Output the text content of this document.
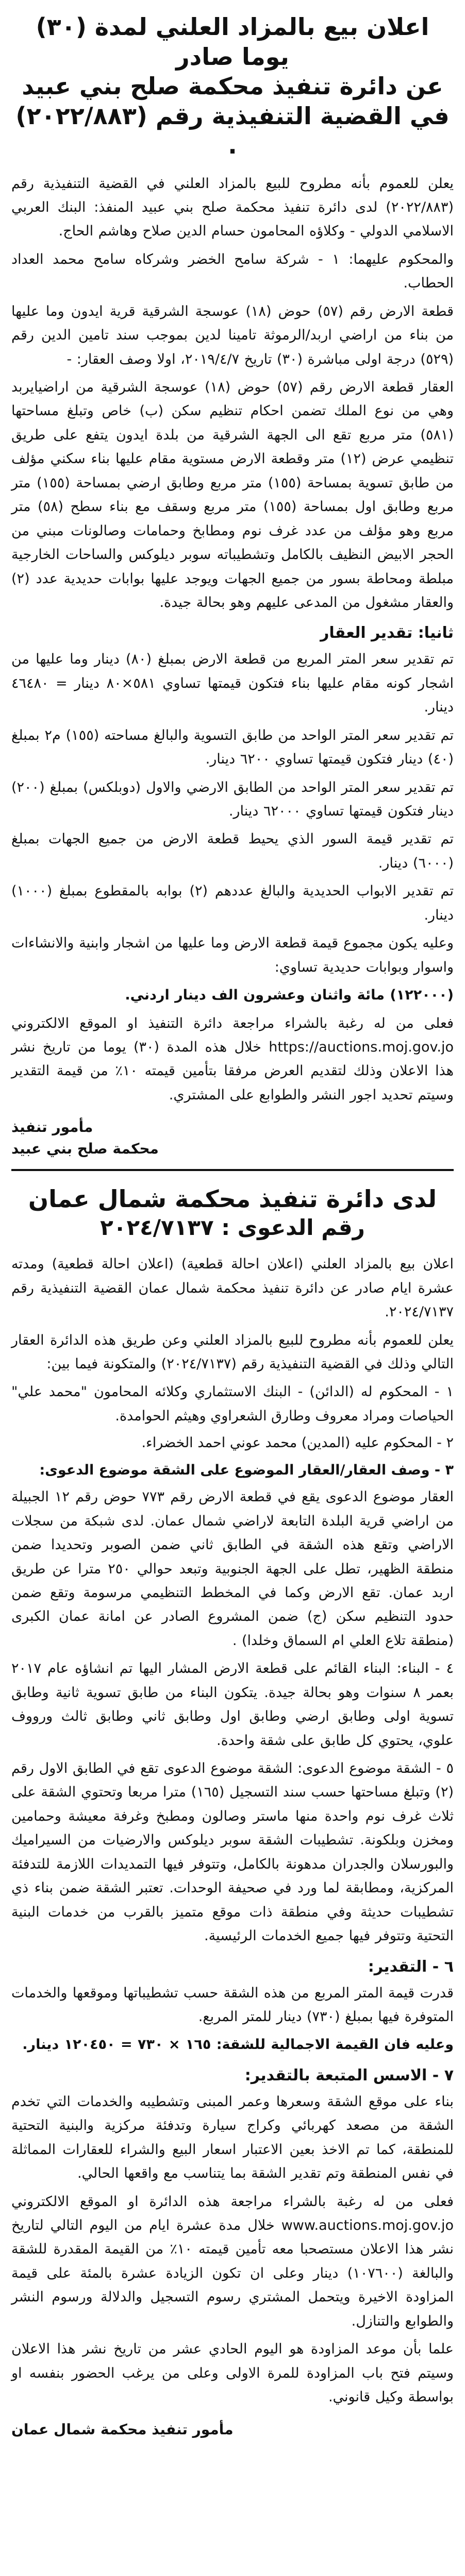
اعلان بيع بالمزاد العلني لمدة (٣٠) يوما صادر
عن دائرة تنفيذ محكمة صلح بني عبيد
في القضية التنفيذية رقم (٢٠٢٢/٨٨٣) .

يعلن للعموم بأنه مطروح للبيع بالمزاد العلني في القضية التنفيذية رقم (٢٠٢٢/٨٨٣) لدى دائرة تنفيذ محكمة صلح بني عبيد المنفذ: البنك العربي الاسلامي الدولي - وكلاؤه المحامون حسام الدين صلاح وهاشم الحاج.

والمحكوم عليهما: ١ - شركة سامح الخضر وشركاه سامح محمد العداد الحطاب.

قطعة الارض رقم (٥٧) حوض (١٨) عوسجة الشرقية قرية ايدون وما عليها من بناء من اراضي اربد/الرموثة تامينا لدين بموجب سند تامين الدين رقم (٥٢٩) درجة اولى مباشرة (٣٠) تاريخ ٢٠١٩/٤/٧، اولا وصف العقار: -

العقار قطعة الارض رقم (٥٧) حوض (١٨) عوسجة الشرقية من اراضيايربد وهي من نوع الملك تضمن احكام تنظيم سكن (ب) خاص وتبلغ مساحتها (٥٨١) متر مربع تقع الى الجهة الشرقية من بلدة ايدون يتفع على طريق تنظيمي عرض (١٢) متر وقطعة الارض مستوية مقام عليها بناء سكني مؤلف من طابق تسوية بمساحة (١٥٥) متر مربع وطابق ارضي بمساحة (١٥٥) متر مربع وطابق اول بمساحة (١٥٥) متر مربع وسقف مع بناء سطح (٥٨) متر مربع وهو مؤلف من عدد غرف نوم ومطابخ وحمامات وصالونات مبني من الحجر الابيض النظيف بالكامل وتشطيباته سوبر ديلوكس والساحات الخارجية مبلطة ومحاطة بسور من جميع الجهات ويوجد عليها بوابات حديدية عدد (٢) والعقار مشغول من المدعى عليهم وهو بحالة جيدة.

ثانيا: تقدير العقار

تم تقدير سعر المتر المربع من قطعة الارض بمبلغ (٨٠) دينار وما عليها من اشجار كونه مقام عليها بناء فتكون قيمتها تساوي ٥٨١×٨٠ دينار = ٤٦٤٨٠ دينار.

تم تقدير سعر المتر الواحد من طابق التسوية والبالغ مساحته (١٥٥) م٢ بمبلغ (٤٠) دينار فتكون قيمتها تساوي ٦٢٠٠ دينار.

تم تقدير سعر المتر الواحد من الطابق الارضي والاول (دوبلكس) بمبلغ (٢٠٠) دينار فتكون قيمتها تساوي ٦٢٠٠٠ دينار.

تم تقدير قيمة السور الذي يحيط قطعة الارض من جميع الجهات بمبلغ (٦٠٠٠) دينار.

تم تقدير الابواب الحديدية والبالغ عددهم (٢) بوابه بالمقطوع بمبلغ (١٠٠٠) دينار.

وعليه يكون مجموع قيمة قطعة الارض وما عليها من اشجار وابنية والانشاءات واسوار وبوابات حديدية تساوي:

(١٢٢٠٠٠) مائة واثنان وعشرون الف دينار اردني.

فعلى من له رغبة بالشراء مراجعة دائرة التنفيذ او الموقع الالكتروني https://auctions.moj.gov.jo خلال هذه المدة (٣٠) يوما من تاريخ نشر هذا الاعلان وذلك لتقديم العرض مرفقا بتأمين قيمته ١٠٪ من قيمة التقدير وسيتم تحديد اجور النشر والطوابع على المشتري.

مأمور تنفيذ
محكمة صلح بني عبيد
لدى دائرة تنفيذ محكمة شمال عمان

رقم الدعوى : ٢٠٢٤/٧١٣٧

اعلان بيع بالمزاد العلني (اعلان احالة قطعية) (اعلان احالة قطعية) ومدته عشرة ايام صادر عن دائرة تنفيذ محكمة شمال عمان القضية التنفيذية رقم ٢٠٢٤/٧١٣٧.

يعلن للعموم بأنه مطروح للبيع بالمزاد العلني وعن طريق هذه الدائرة العقار التالي وذلك في القضية التنفيذية رقم (٢٠٢٤/٧١٣٧) والمتكونة فيما بين:

١ - المحكوم له (الدائن) - البنك الاستثماري وكلائه المحامون "محمد علي" الحياصات ومراد معروف وطارق الشعراوي وهيثم الحوامدة.

٢ - المحكوم عليه (المدين) محمد عوني احمد الخضراء.

٣ - وصف العقار/العقار الموضوع على الشقة موضوع الدعوى:

العقار موضوع الدعوى يقع في قطعة الارض رقم ٧٧٣ حوض رقم ١٢ الجبيلة من اراضي قرية البلدة التابعة لاراضي شمال عمان. لدى شبكة من سجلات الاراضي وتقع هذه الشقة في الطابق ثاني ضمن الصوبر وتحديدا ضمن منطقة الظهير، تطل على الجهة الجنوبية وتبعد حوالي ٢٥٠ مترا عن طريق اربد عمان. تقع الارض وكما في المخطط التنظيمي مرسومة وتقع ضمن حدود التنظيم سكن (ج) ضمن المشروع الصادر عن امانة عمان الكبرى (منطقة تلاع العلي ام السماق وخلدا) .

٤ - البناء: البناء القائم على قطعة الارض المشار اليها تم انشاؤه عام ٢٠١٧ بعمر ٨ سنوات وهو بحالة جيدة. يتكون البناء من طابق تسوية ثانية وطابق تسوية اولى وطابق ارضي وطابق اول وطابق ثاني وطابق ثالث ورووف علوي، يحتوي كل طابق على شقة واحدة.

٥ - الشقة موضوع الدعوى: الشقة موضوع الدعوى تقع في الطابق الاول رقم (٢) وتبلغ مساحتها حسب سند التسجيل (١٦٥) مترا مربعا وتحتوي الشقة على ثلاث غرف نوم واحدة منها ماستر وصالون ومطبخ وغرفة معيشة وحمامين ومخزن وبلكونة. تشطيبات الشقة سوبر ديلوكس والارضيات من السيراميك والبورسلان والجدران مدهونة بالكامل، وتتوفر فيها التمديدات اللازمة للتدفئة المركزية، ومطابقة لما ورد في صحيفة الوحدات. تعتبر الشقة ضمن بناء ذي تشطيبات حديثة وفي منطقة ذات موقع متميز بالقرب من خدمات البنية التحتية وتتوفر فيها جميع الخدمات الرئيسية.

٦ - التقدير:

قدرت قيمة المتر المربع من هذه الشقة حسب تشطيباتها وموقعها والخدمات المتوفرة فيها بمبلغ (٧٣٠) دينار للمتر المربع.

وعليه فان القيمة الاجمالية للشقة: ١٦٥ × ٧٣٠ = ١٢٠٤٥٠ دينار.

٧ - الاسس المتبعة بالتقدير:

بناء على موقع الشقة وسعرها وعمر المبنى وتشطيبه والخدمات التي تخدم الشقة من مصعد كهربائي وكراج سيارة وتدفئة مركزية والبنية التحتية للمنطقة، كما تم الاخذ بعين الاعتبار اسعار البيع والشراء للعقارات المماثلة في نفس المنطقة وتم تقدير الشقة بما يتناسب مع واقعها الحالي.

فعلى من له رغبة بالشراء مراجعة هذه الدائرة او الموقع الالكتروني www.auctions.moj.gov.jo خلال مدة عشرة ايام من اليوم التالي لتاريخ نشر هذا الاعلان مستصحبا معه تأمين قيمته ١٠٪ من القيمة المقدرة للشقة والبالغة (١٠٧٦٠٠) دينار وعلى ان تكون الزيادة عشرة بالمئة على قيمة المزاودة الاخيرة ويتحمل المشتري رسوم التسجيل والدلالة ورسوم النشر والطوابع والتنازل.

علما بأن موعد المزاودة هو اليوم الحادي عشر من تاريخ نشر هذا الاعلان وسيتم فتح باب المزاودة للمرة الاولى وعلى من يرغب الحضور بنفسه او بواسطة وكيل قانوني.

مأمور تنفيذ محكمة شمال عمان
